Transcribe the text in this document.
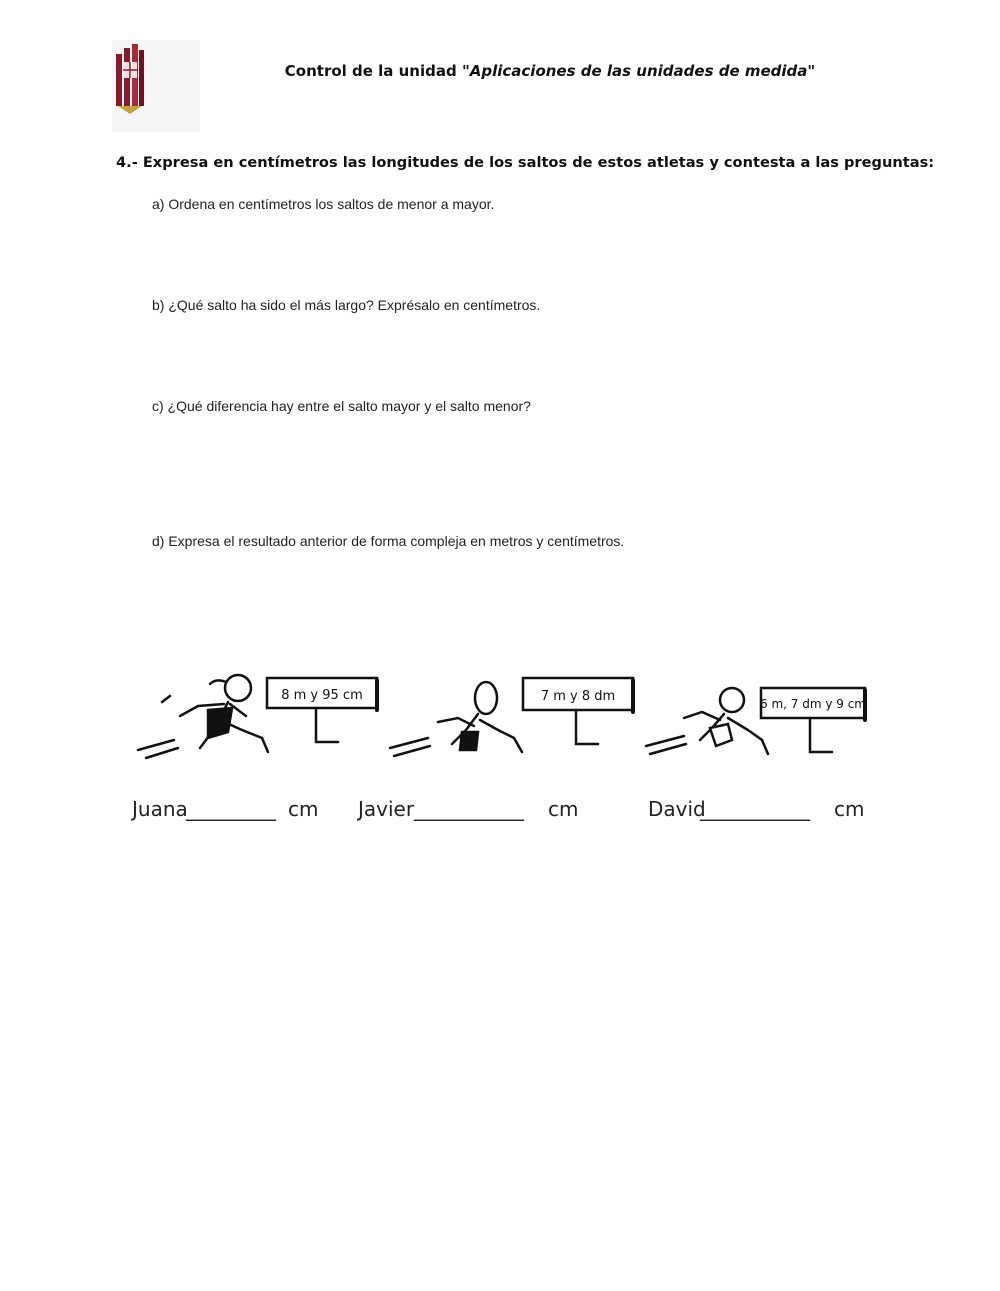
Control de la unidad "Aplicaciones de las unidades de medida"
4.- Expresa en centímetros las longitudes de los saltos de estos atletas y contesta a las preguntas:
a) Ordena en centímetros los saltos de menor a mayor.
b) ¿Qué salto ha sido el más largo? Exprésalo en centímetros.
c) ¿Qué diferencia hay entre el salto mayor y el salto menor?
d) Expresa el resultado anterior de forma compleja en metros y centímetros.
8 m y 95 cm	7 m y 8 dm	6 m, 7 dm y 9 cm
Juana
_________ cm Javier ___________ cm	David
___________ cm
